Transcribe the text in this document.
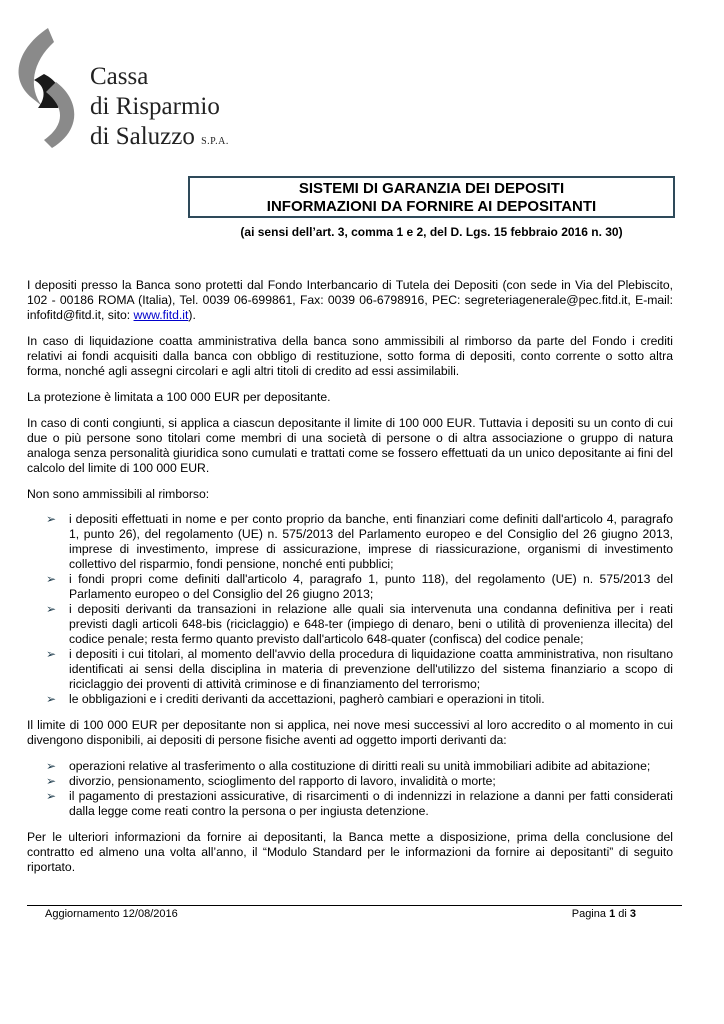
Cassa
di Risparmio
di Saluzzo S.P.A.
SISTEMI DI GARANZIA DEI DEPOSITI
INFORMAZIONI DA FORNIRE AI DEPOSITANTI
(ai sensi dell’art. 3, comma 1 e 2, del D. Lgs. 15 febbraio 2016 n. 30)

I depositi presso la Banca sono protetti dal Fondo Interbancario di Tutela dei Depositi (con sede in Via del Plebiscito, 102 - 00186 ROMA (Italia), Tel. 0039 06-699861, Fax: 0039 06-6798916, PEC: segreteriagenerale@pec.fitd.it, E-mail: infofitd@fitd.it, sito: www.fitd.it).

In caso di liquidazione coatta amministrativa della banca sono ammissibili al rimborso da parte del Fondo i crediti relativi ai fondi acquisiti dalla banca con obbligo di restituzione, sotto forma di depositi, conto corrente o sotto altra forma, nonché agli assegni circolari e agli altri titoli di credito ad essi assimilabili.

La protezione è limitata a 100 000 EUR per depositante.

In caso di conti congiunti, si applica a ciascun depositante il limite di 100 000 EUR. Tuttavia i depositi su un conto di cui due o più persone sono titolari come membri di una società di persone o di altra associazione o gruppo di natura analoga senza personalità giuridica sono cumulati e trattati come se fossero effettuati da un unico depositante ai fini del calcolo del limite di 100 000 EUR.

Non sono ammissibili al rimborso:

➢ i depositi effettuati in nome e per conto proprio da banche, enti finanziari come definiti dall'articolo 4, paragrafo 1, punto 26), del regolamento (UE) n. 575/2013 del Parlamento europeo e del Consiglio del 26 giugno 2013, imprese di investimento, imprese di assicurazione, imprese di riassicurazione, organismi di investimento collettivo del risparmio, fondi pensione, nonché enti pubblici;
➢ i fondi propri come definiti dall'articolo 4, paragrafo 1, punto 118), del regolamento (UE) n. 575/2013 del Parlamento europeo o del Consiglio del 26 giugno 2013;
➢ i depositi derivanti da transazioni in relazione alle quali sia intervenuta una condanna definitiva per i reati previsti dagli articoli 648-bis (riciclaggio) e 648-ter (impiego di denaro, beni o utilità di provenienza illecita) del codice penale; resta fermo quanto previsto dall'articolo 648-quater (confisca) del codice penale;
➢ i depositi i cui titolari, al momento dell'avvio della procedura di liquidazione coatta amministrativa, non risultano identificati ai sensi della disciplina in materia di prevenzione dell'utilizzo del sistema finanziario a scopo di riciclaggio dei proventi di attività criminose e di finanziamento del terrorismo;
➢ le obbligazioni e i crediti derivanti da accettazioni, pagherò cambiari e operazioni in titoli.

Il limite di 100 000 EUR per depositante non si applica, nei nove mesi successivi al loro accredito o al momento in cui divengono disponibili, ai depositi di persone fisiche aventi ad oggetto importi derivanti da:

➢ operazioni relative al trasferimento o alla costituzione di diritti reali su unità immobiliari adibite ad abitazione;
➢ divorzio, pensionamento, scioglimento del rapporto di lavoro, invalidità o morte;
➢ il pagamento di prestazioni assicurative, di risarcimenti o di indennizzi in relazione a danni per fatti considerati dalla legge come reati contro la persona o per ingiusta detenzione.

Per le ulteriori informazioni da fornire ai depositanti, la Banca mette a disposizione, prima della conclusione del contratto ed almeno una volta all’anno, il “Modulo Standard per le informazioni da fornire ai depositanti” di seguito riportato.

Aggiornamento 12/08/2016	Pagina 1 di 3
